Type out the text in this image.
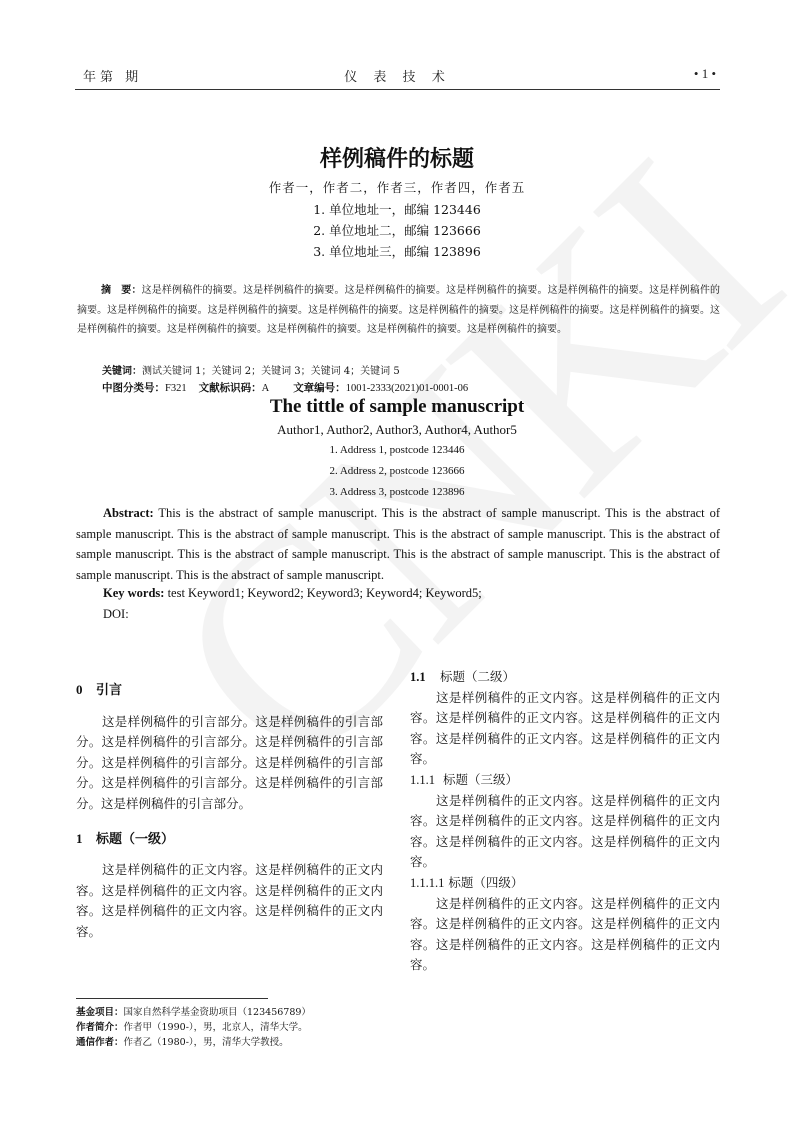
年第 期	仪 表 技 术	• 1 •
样例稿件的标题
作者一，作者二，作者三，作者四，作者五
1. 单位地址一，邮编 123446
2. 单位地址二，邮编 123666
3. 单位地址三，邮编 123896
摘　要：这是样例稿件的摘要。这是样例稿件的摘要。这是样例稿件的摘要。这是样例稿件的摘要。这是样例稿件的摘要。这是样例稿件的摘要。这是样例稿件的摘要。这是样例稿件的摘要。这是样例稿件的摘要。这是样例稿件的摘要。这是样例稿件的摘要。这是样例稿件的摘要。这是样例稿件的摘要。这是样例稿件的摘要。这是样例稿件的摘要。这是样例稿件的摘要。这是样例稿件的摘要。
关键词：测试关键词 1；关键词 2；关键词 3；关键词 4；关键词 5
中图分类号：F321 文献标识码：A 文章编号：1001-2333(2021)01-0001-06
The tittle of sample manuscript
Author1, Author2, Author3, Author4, Author5
1. Address 1, postcode 123446
2. Address 2, postcode 123666
3. Address 3, postcode 123896
Abstract: This is the abstract of sample manuscript. This is the abstract of sample manuscript. This is the abstract of sample manuscript. This is the abstract of sample manuscript. This is the abstract of sample manuscript. This is the abstract of sample manuscript. This is the abstract of sample manuscript. This is the abstract of sample manuscript. This is the abstract of sample manuscript. This is the abstract of sample manuscript.
Key words: test Keyword1; Keyword2; Keyword3; Keyword4; Keyword5;
DOI:
0 引言
这是样例稿件的引言部分。这是样例稿件的引言部分。这是样例稿件的引言部分。这是样例稿件的引言部分。这是样例稿件的引言部分。这是样例稿件的引言部分。这是样例稿件的引言部分。这是样例稿件的引言部分。这是样例稿件的引言部分。
1 标题（一级）
这是样例稿件的正文内容。这是样例稿件的正文内容。这是样例稿件的正文内容。这是样例稿件的正文内容。这是样例稿件的正文内容。这是样例稿件的正文内容。
1.1 标题（二级）
这是样例稿件的正文内容。这是样例稿件的正文内容。这是样例稿件的正文内容。这是样例稿件的正文内容。这是样例稿件的正文内容。这是样例稿件的正文内容。
1.1.1 标题（三级）
这是样例稿件的正文内容。这是样例稿件的正文内容。这是样例稿件的正文内容。这是样例稿件的正文内容。这是样例稿件的正文内容。这是样例稿件的正文内容。
1.1.1.1 标题（四级）
这是样例稿件的正文内容。这是样例稿件的正文内容。这是样例稿件的正文内容。这是样例稿件的正文内容。这是样例稿件的正文内容。这是样例稿件的正文内容。
基金项目：国家自然科学基金资助项目（123456789）
作者简介：作者甲（1990-），男，北京人，清华大学。
通信作者：作者乙（1980-），男，清华大学教授。
